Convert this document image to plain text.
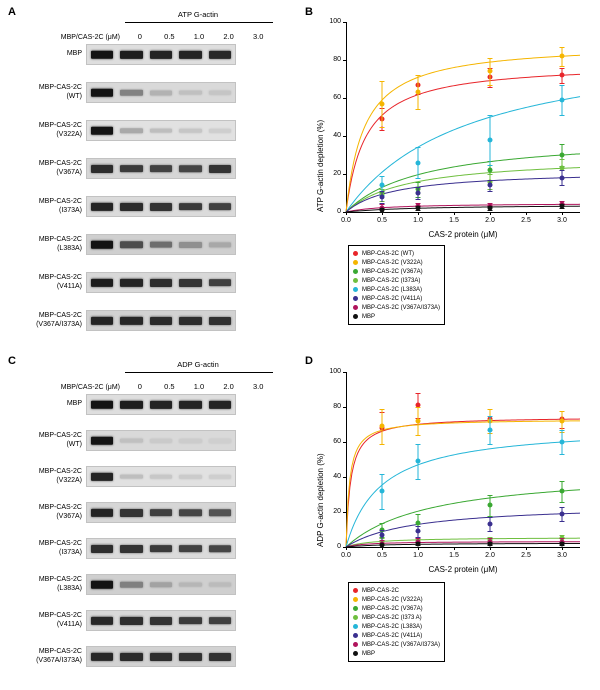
A	B
C	D
ATP G-actin
MBP/CAS-2C (μM)	0	0.5	1.0	2.0	3.0
MBP
MBP-CAS-2C
(WT)
MBP-CAS-2C
(V322A)
MBP-CAS-2C
(V367A)
MBP-CAS-2C
(I373A)
MBP-CAS-2C
(L383A)
MBP-CAS-2C
(V411A)
MBP-CAS-2C
(V367A/I373A)
ADP G-actin
MBP/CAS-2C (μM)	0	0.5	1.0	2.0	3.0
MBP
MBP-CAS-2C
(WT)
MBP-CAS-2C
(V322A)
MBP-CAS-2C
(V367A)
MBP-CAS-2C
(I373A)
MBP-CAS-2C
(L383A)
MBP-CAS-2C
(V411A)
MBP-CAS-2C
(V367A/I373A)
0.0	0.5	1.0	1.5	2.0	2.5	3.0
0
20
40
60
80
100
CAS-2 protein (μM)
ATP G-actin depletion (%)
MBP-CAS-2C (WT)
MBP-CAS-2C (V322A)
MBP-CAS-2C (V367A)
MBP-CAS-2C (I373A)
MBP-CAS-2C (L383A)
MBP-CAS-2C (V411A)
MBP-CAS-2C (V367A/I373A)
MBP
0.0	0.5	1.0	1.5	2.0	2.5	3.0
0
20
40
60
80
100
CAS-2 protein (μM)
ADP G-actin depletion (%)
MBP-CAS-2C
MBP-CAS-2C (V322A)
MBP-CAS-2C (V367A)
MBP-CAS-2C (I373 A)
MBP-CAS-2C (L383A)
MBP-CAS-2C (V411A)
MBP-CAS-2C (V367A/I373A)
MBP
